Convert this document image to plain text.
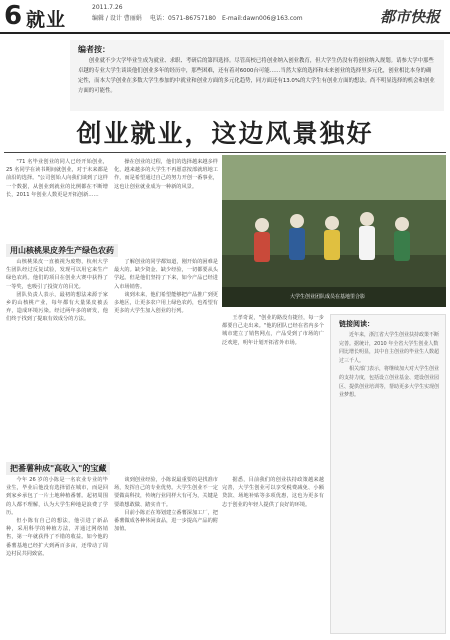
6 就业
2011.7.26
编辑 / 设计 曹丽娟 电话：0571-86757180　E-mail:dawn006@163.com	都市快报
编者按：
创业就不少大学毕业生成为就业、求职、考研后的第四选择。尽管高校已将创业纳入创业教育，但大学生仍没有将创业纳入规划。请参大学中那些卓越的专业大学生谈谈他们创业多年的经历中，那些困难，还有着对6000台可能……当然大家的选择和未来创业的选择里多元化，创业相比本身的确定性，而本大学创业在多数大学生参加的中就业和创业方面的多元化趋势，同方面还有13.0%的大学生有创业方面的想法。尚不明显选择的机会和创业方面的可能性。
创业就业，这边风景独好

"71 名毕业创业的同人已经开始创业，25 名同学在读书期间就创业，对于未来都是前沿的选择。"公司创始人向我们谈到了这样一个数据，从创业到就业的比例都在不断增长，2011 年创业人数更是开拓创新……

操在创业的过程，他们的选择越来越多样化，越来越多的大学生不再愿意按部就班地工作，而是希望通过自己的努力开创一番事业，这也让创业就业成为一种新的风景。

用山核桃果皮养生产绿色农药

山核桃果皮一直被视为废物，杭州大学生团队经过反复试验，发现可以用它来生产绿色农药。他们的项目在创业大赛中获得了一等奖，也吸引了投资方的目光。

团队负责人表示，最初的想法来源于家乡的山核桃产业，每年都有大量果皮被丢弃，造成环境污染。经过两年多的研发，他们终于找到了提取有效成分的方法。

了解创业的同学都知道，刚开始的困难是最大的。缺少资金、缺少经验，一切都要从头学起。但是他们坚持了下来，如今产品已经进入市场销售。

谈到未来，他们希望能够把产品推广到更多地区，让更多农户用上绿色农药，也希望有更多的大学生加入创业的行列。

把番薯种成"高收入"的宝藏

今年 26 岁的小陈是一名农业专业的毕业生，毕业后他没有选择留在城市，而是回到家乡承包了一片土地种植番薯。起初周围的人都不理解，认为大学生种地是浪费了学历。

但小陈有自己的想法，他引进了新品种，采用科学的种植方法，并通过网络销售，第一年就获得了不错的收益。如今他的番薯基地已经扩大到两百多亩，还带动了周边村民共同致富。

谈到创业经验，小陈说最重要的是找准市场，发挥自己的专业优势。大学生创业不一定要做高科技，传统行业同样大有可为，关键是要敢想敢做、踏实肯干。

目前小陈正在筹划建立番薯深加工厂，把番薯做成各种休闲食品，进一步提高产品的附加值。

大学生创业团队成员在基地里合影

王孝奇说，"创业的路没有捷径，每一步都要自己走出来。"他的团队已经在省内多个城市建立了销售网点，产品受到了市场的广泛欢迎，明年计划开拓省外市场。

据悉，目前我们的创业扶持政策越来越完善，大学生创业可以享受税费减免、小额贷款、场地补贴等多项优惠，这也为更多有志于创业的年轻人提供了良好的环境。

链接阅读：

近年来，浙江省大学生创业扶持政策不断完善。据统计，2010 年全省大学生创业人数同比增长明显，其中自主创业的毕业生人数超过三千人。

相关部门表示，将继续加大对大学生创业的支持力度，包括设立创业基金、建设创业园区、提供创业培训等，帮助更多大学生实现创业梦想。
